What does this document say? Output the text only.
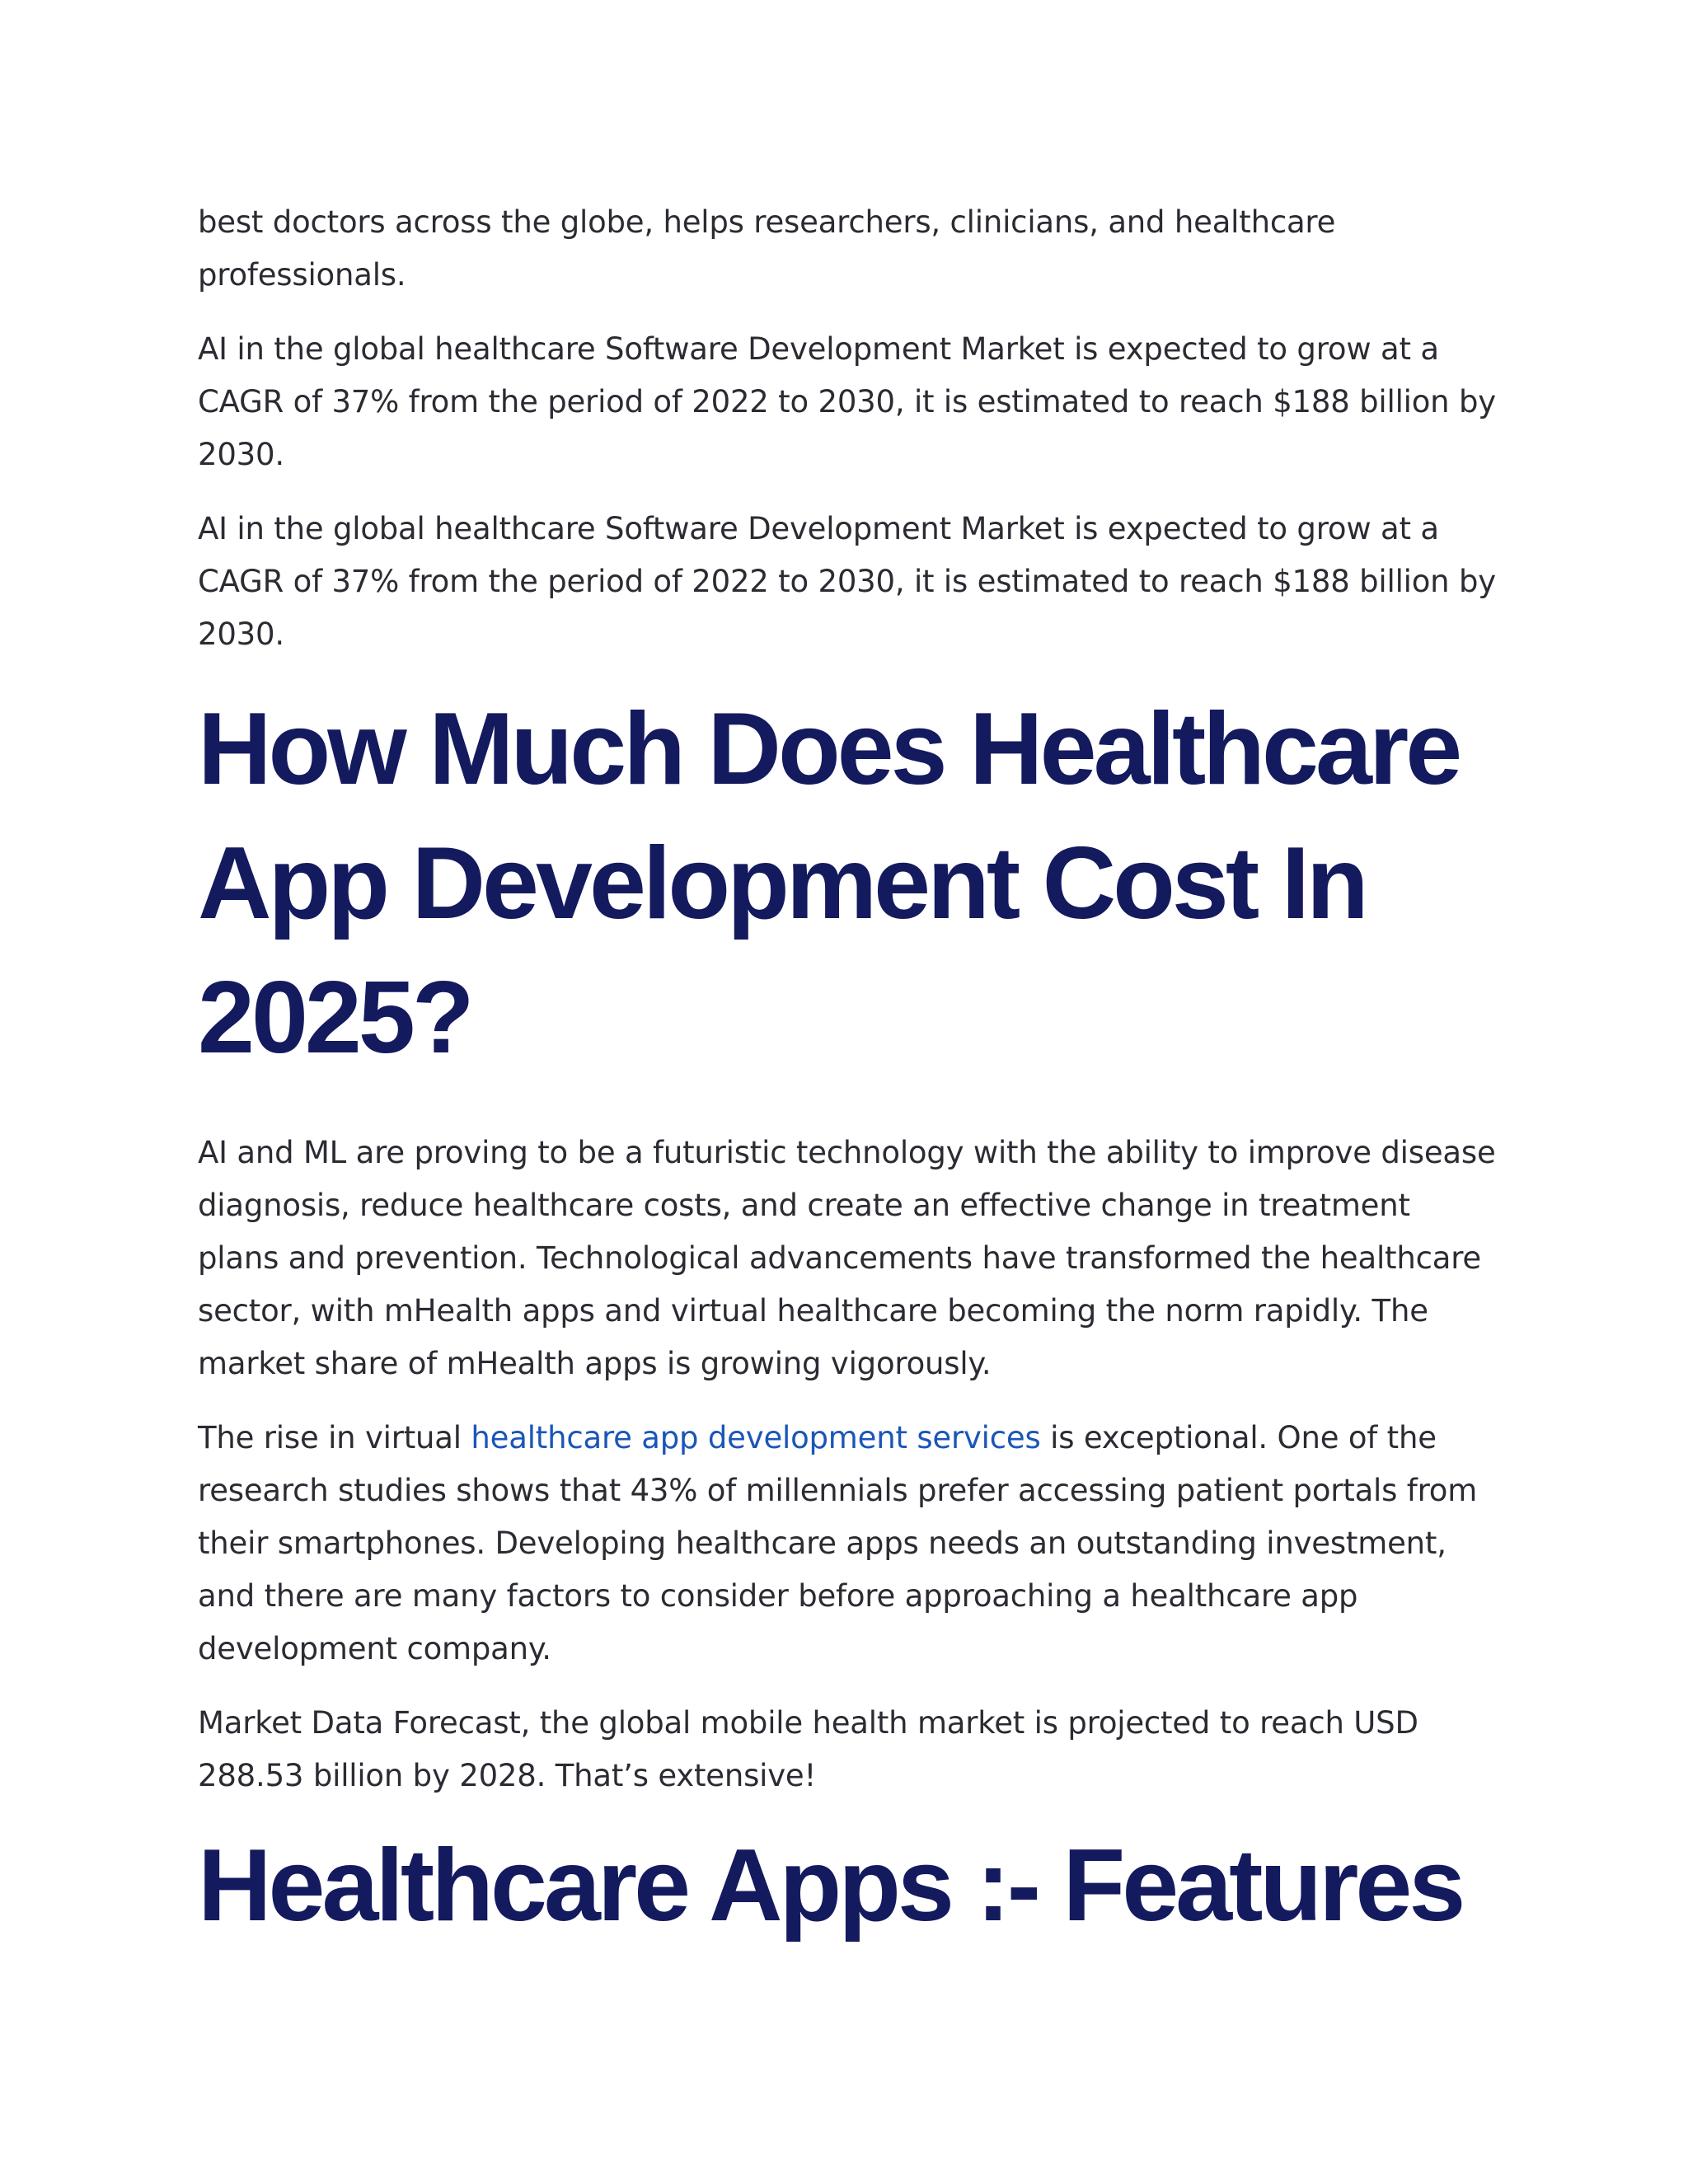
best doctors across the globe, helps researchers, clinicians, and healthcare professionals.

AI in the global healthcare Software Development Market is expected to grow at a CAGR of 37% from the period of 2022 to 2030, it is estimated to reach $188 billion by 2030.

AI in the global healthcare Software Development Market is expected to grow at a CAGR of 37% from the period of 2022 to 2030, it is estimated to reach $188 billion by 2030.

How Much Does Healthcare App Development Cost In 2025?

AI and ML are proving to be a futuristic technology with the ability to improve disease diagnosis, reduce healthcare costs, and create an effective change in treatment plans and prevention. Technological advancements have transformed the healthcare sector, with mHealth apps and virtual healthcare becoming the norm rapidly. The market share of mHealth apps is growing vigorously.

The rise in virtual healthcare app development services is exceptional. One of the research studies shows that 43% of millennials prefer accessing patient portals from their smartphones. Developing healthcare apps needs an outstanding investment, and there are many factors to consider before approaching a healthcare app development company.

Market Data Forecast, the global mobile health market is projected to reach USD 288.53 billion by 2028. That’s extensive!

Healthcare Apps :- Features
